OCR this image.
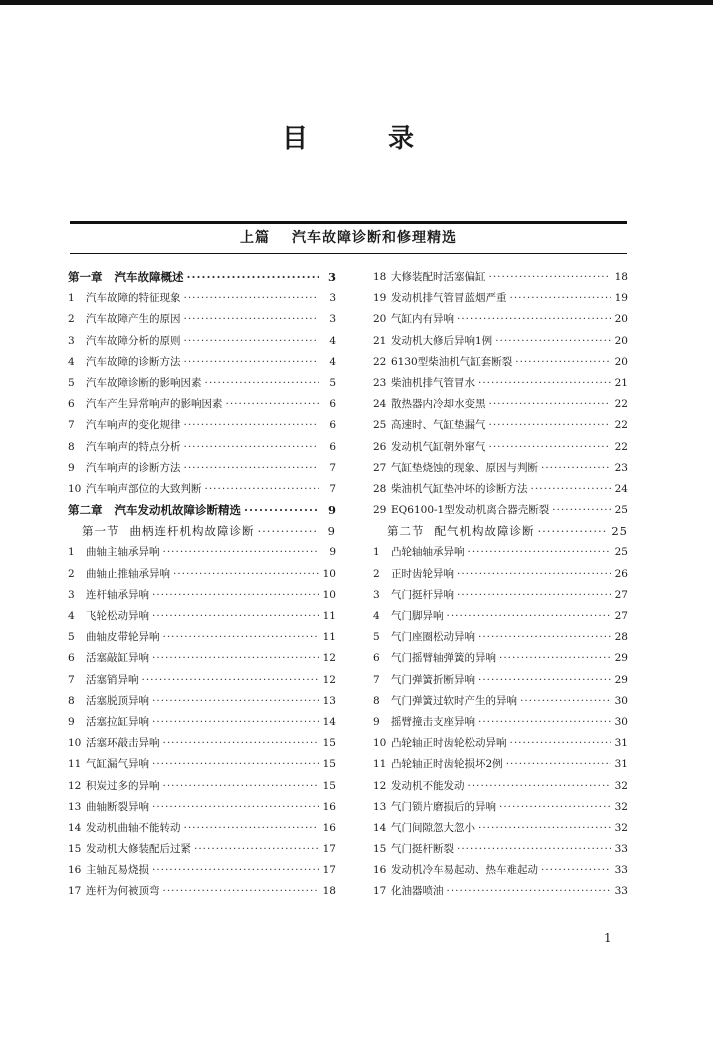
目	录
上篇 汽车故障诊断和修理精选
第一章 汽车故障概述 ·····	3
1	汽车故障的特征现象 ·····	3
2	汽车故障产生的原因 ·····	3
3	汽车故障分析的原则 ·····	4
4	汽车故障的诊断方法 ·····	4
5	汽车故障诊断的影响因素 ·····	5
6	汽车产生异常响声的影响因素 ·····	6
7	汽车响声的变化规律 ·····	6
8	汽车响声的特点分析 ·····	6
9	汽车响声的诊断方法 ·····	7
10 汽车响声部位的大致判断 ·····	7
第二章 汽车发动机故障诊断精选 ·····	9
第一节 曲柄连杆机构故障诊断 ·····	9
1	曲轴主轴承异响 ·····	9
2	曲轴止推轴承异响 ·····	10
3	连杆轴承异响 ·····	10
4	飞轮松动异响 ·····	11
5	曲轴皮带轮异响 ·····	11
6	活塞敲缸异响 ·····	12
7	活塞销异响 ·····	12
8	活塞脱顶异响 ·····	13
9	活塞拉缸异响 ·····	14
10 活塞环敲击异响 ·····	15
11 气缸漏气异响 ·····	15
12 积炭过多的异响 ·····	15
13 曲轴断裂异响 ·····	16
14 发动机曲轴不能转动 ·····	16
15 发动机大修装配后过紧 ·····	17
16 主轴瓦易烧损 ·····	17
17 连杆为何被顶弯 ·····	18
18 大修装配时活塞偏缸 ·····	18
19 发动机排气管冒蓝烟严重 ·····	19
20 气缸内有异响 ·····	20
21 发动机大修后异响1例 ·····	20
22 6130型柴油机气缸套断裂 ·····	20
23 柴油机排气管冒水 ·····	21
24 散热器内冷却水变黑 ·····	22
25 高速时、气缸垫漏气 ·····	22
26 发动机气缸朝外窜气 ·····	22
27 气缸垫烧蚀的现象、原因与判断 ·····	23
28 柴油机气缸垫冲坏的诊断方法 ·····	24
29 EQ6100-1型发动机离合器壳断裂 ·····	25
第二节 配气机构故障诊断 ·····	25
1	凸轮轴轴承异响 ·····	25
2	正时齿轮异响 ·····	26
3	气门挺杆异响 ·····	27
4	气门脚异响 ·····	27
5	气门座圈松动异响 ·····	28
6	气门摇臂轴弹簧的异响 ·····	29
7	气门弹簧折断异响 ·····	29
8	气门弹簧过软时产生的异响 ·····	30
9	摇臂撞击支座异响 ·····	30
10 凸轮轴正时齿轮松动异响 ·····	31
11 凸轮轴正时齿轮损坏2例 ·····	31
12 发动机不能发动 ·····	32
13 气门锁片磨损后的异响 ·····	32
14 气门间隙忽大忽小 ·····	32
15 气门挺杆断裂 ·····	33
16 发动机冷车易起动、热车难起动 ·····	33
17 化油器喷油 ·····	33
1
